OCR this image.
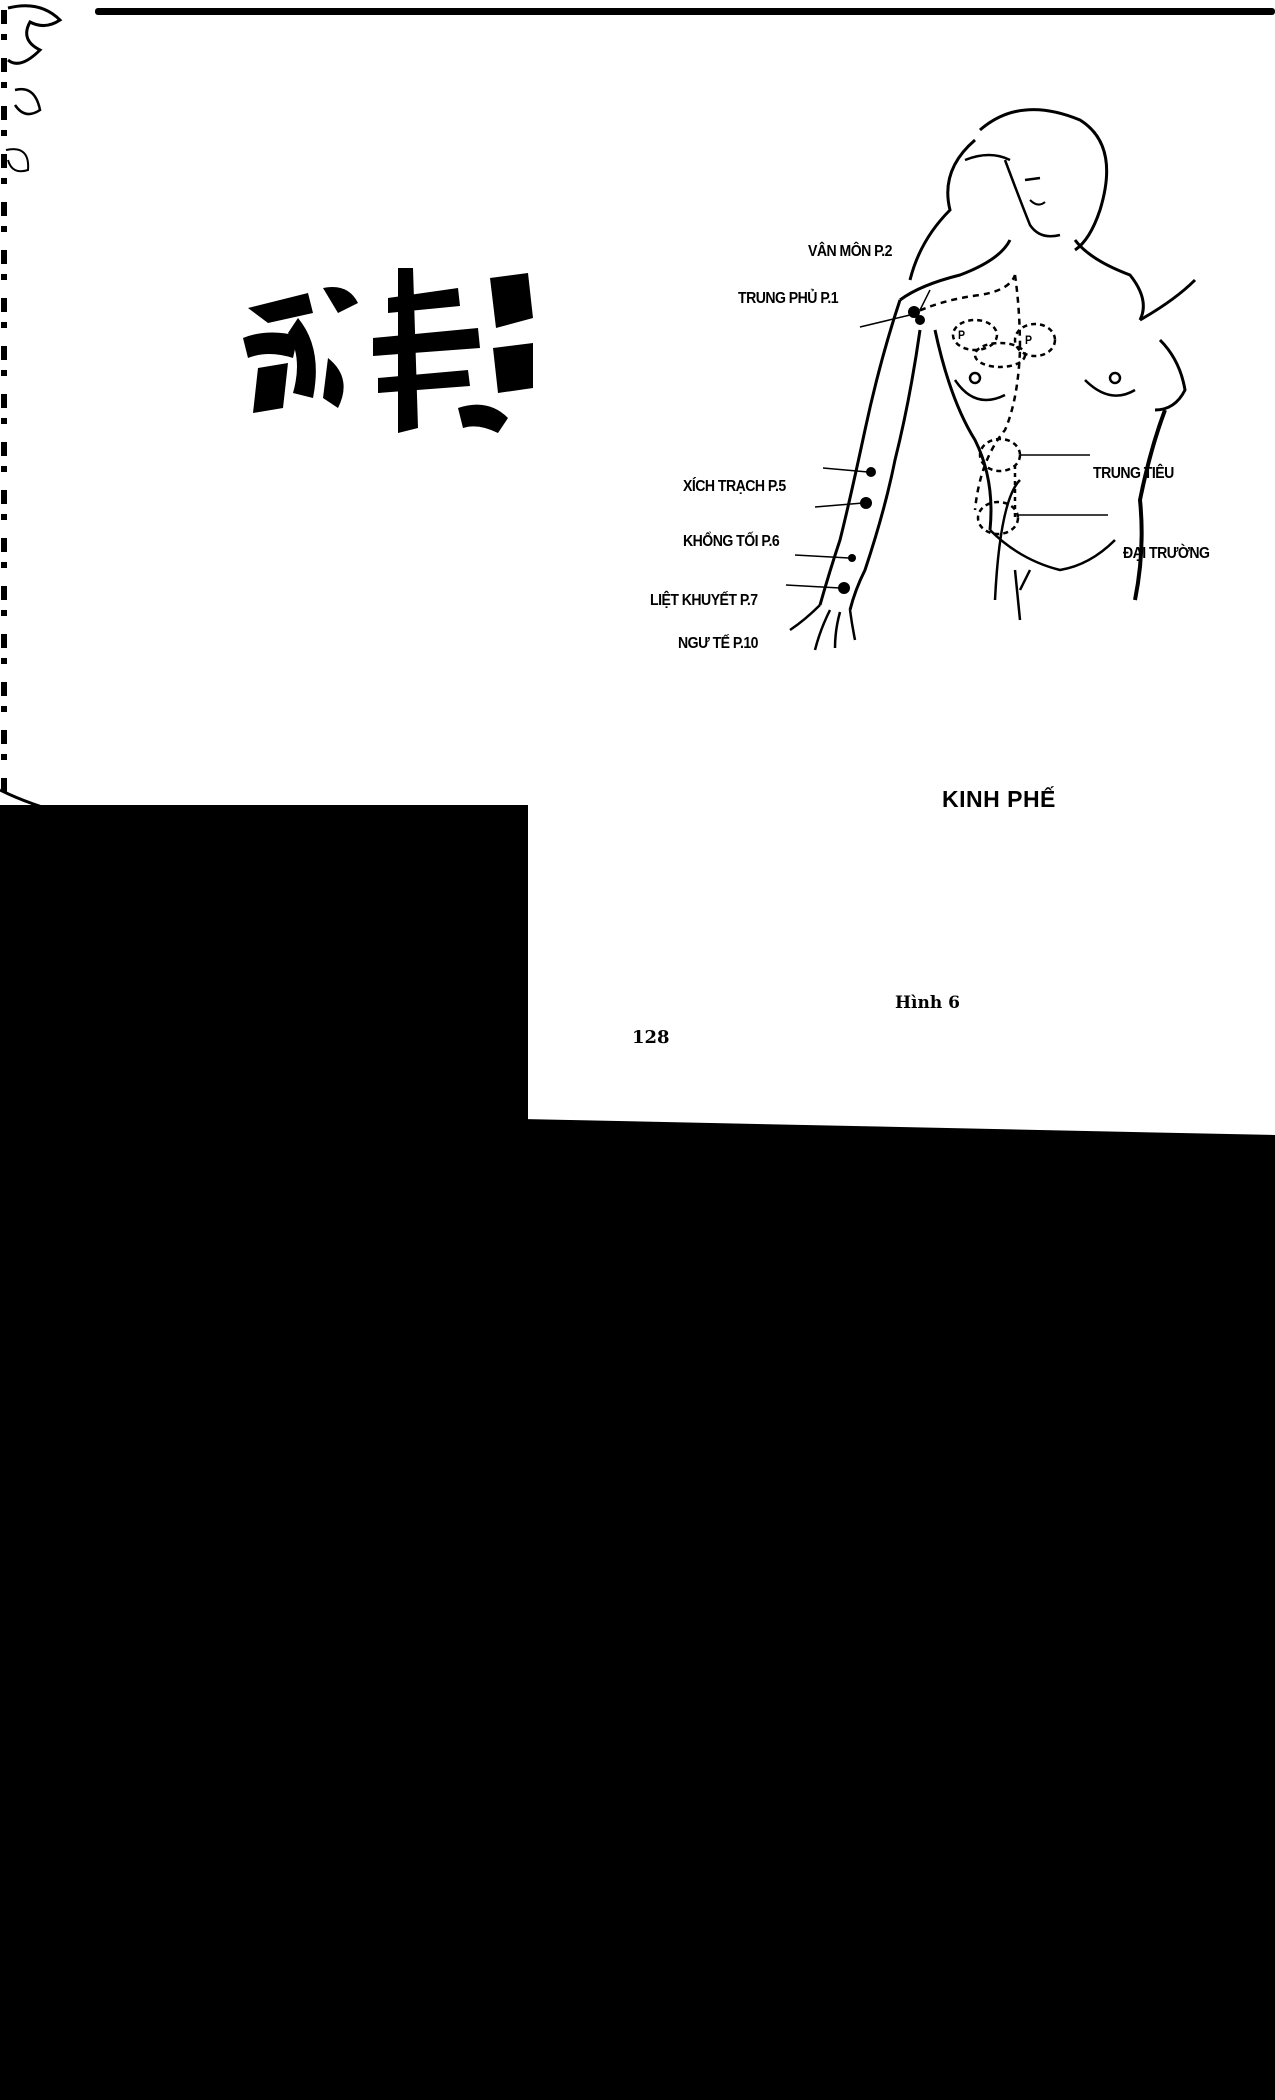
VÂN MÔN P.2
TRUNG PHỦ P.1
XÍCH TRẠCH P.5
KHỔNG TỐI P.6
LIỆT KHUYẾT P.7
NGƯ TẾ P.10
TRUNG TIÊU
ĐẠI TRƯỜNG
P	P
KINH PHẾ
Hình 6
128
